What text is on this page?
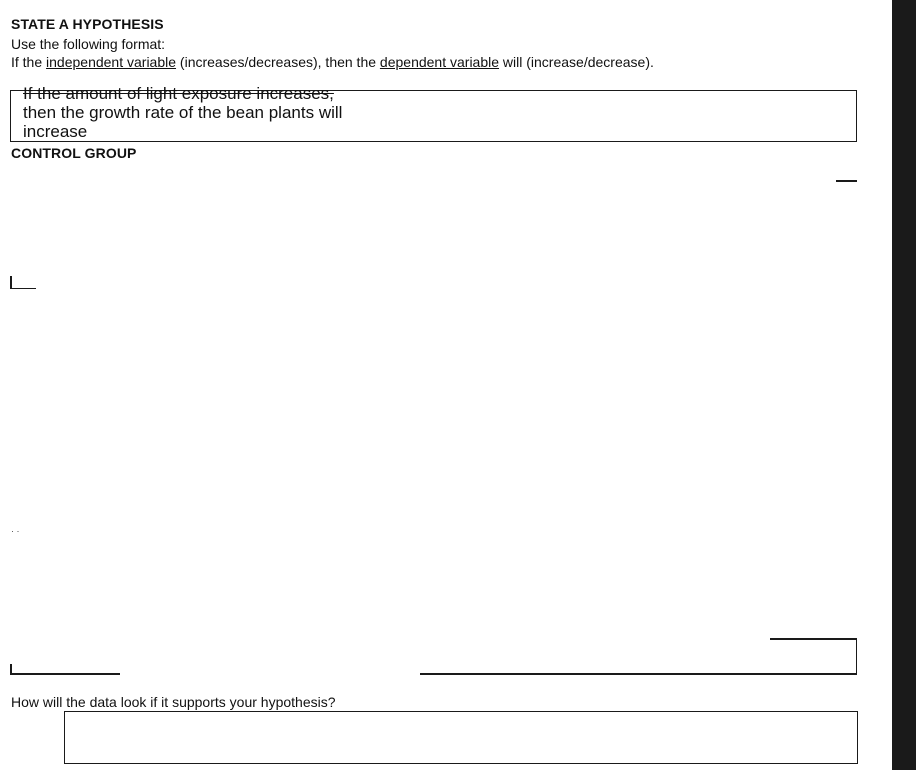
STATE A HYPOTHESIS
Use the following format:
If the independent variable (increases/decreases), then the dependent variable will (increase/decrease).
If the amount of light exposure increases,
then the growth rate of the bean plants will
increase
CONTROL GROUP
· ·
How will the data look if it supports your hypothesis?
